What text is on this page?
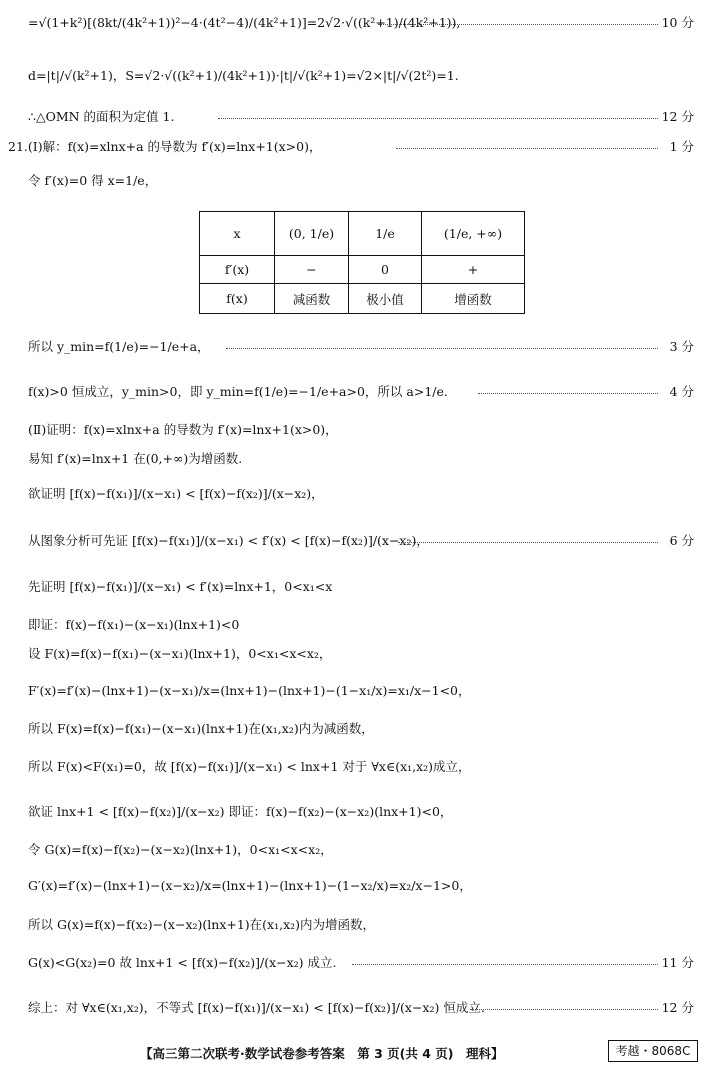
=√(1+k²)[(8kt/(4k²+1))²−4·(4t²−4)/(4k²+1)]=2√2·√((k²+1)/(4k²+1)),	10 分
d=|t|/√(k²+1)，S=√2·√((k²+1)/(4k²+1))·|t|/√(k²+1)=√2×|t|/√(2t²)=1.
∴△OMN 的面积为定值 1.	12 分
21.(Ⅰ)解：f(x)=xlnx+a 的导数为 f′(x)=lnx+1(x>0)，	1 分
令 f′(x)=0 得 x=1/e，
所以 y_min=f(1/e)=−1/e+a，	3 分
f(x)>0 恒成立，y_min>0，即 y_min=f(1/e)=−1/e+a>0，所以 a>1/e.	4 分
(Ⅱ)证明：f(x)=xlnx+a 的导数为 f′(x)=lnx+1(x>0)，
易知 f′(x)=lnx+1 在(0,+∞)为增函数.
欲证明 [f(x)−f(x₁)]/(x−x₁) < [f(x)−f(x₂)]/(x−x₂)，
从图象分析可先证 [f(x)−f(x₁)]/(x−x₁) < f′(x) < [f(x)−f(x₂)]/(x−x₂)，	6 分
先证明 [f(x)−f(x₁)]/(x−x₁) < f′(x)=lnx+1，0<x₁<x
即证：f(x)−f(x₁)−(x−x₁)(lnx+1)<0
设 F(x)=f(x)−f(x₁)−(x−x₁)(lnx+1)，0<x₁<x<x₂，
F′(x)=f′(x)−(lnx+1)−(x−x₁)/x=(lnx+1)−(lnx+1)−(1−x₁/x)=x₁/x−1<0，
所以 F(x)=f(x)−f(x₁)−(x−x₁)(lnx+1)在(x₁,x₂)内为减函数，
所以 F(x)<F(x₁)=0，故 [f(x)−f(x₁)]/(x−x₁) < lnx+1 对于 ∀x∈(x₁,x₂)成立，
欲证 lnx+1 < [f(x)−f(x₂)]/(x−x₂) 即证：f(x)−f(x₂)−(x−x₂)(lnx+1)<0，
令 G(x)=f(x)−f(x₂)−(x−x₂)(lnx+1)，0<x₁<x<x₂，
G′(x)=f′(x)−(lnx+1)−(x−x₂)/x=(lnx+1)−(lnx+1)−(1−x₂/x)=x₂/x−1>0，
所以 G(x)=f(x)−f(x₂)−(x−x₂)(lnx+1)在(x₁,x₂)内为增函数，
G(x)<G(x₂)=0 故 lnx+1 < [f(x)−f(x₂)]/(x−x₂) 成立.	11 分
综上：对 ∀x∈(x₁,x₂)，不等式 [f(x)−f(x₁)]/(x−x₁) < [f(x)−f(x₂)]/(x−x₂) 恒成立.	12 分
x	(0, 1/e)	1/e	(1/e, +∞)
f′(x)	−	0	+
f(x)	减函数	极小值	增函数
【高三第二次联考·数学试卷参考答案　第 3 页(共 4 页)　理科】	考越・8068C
